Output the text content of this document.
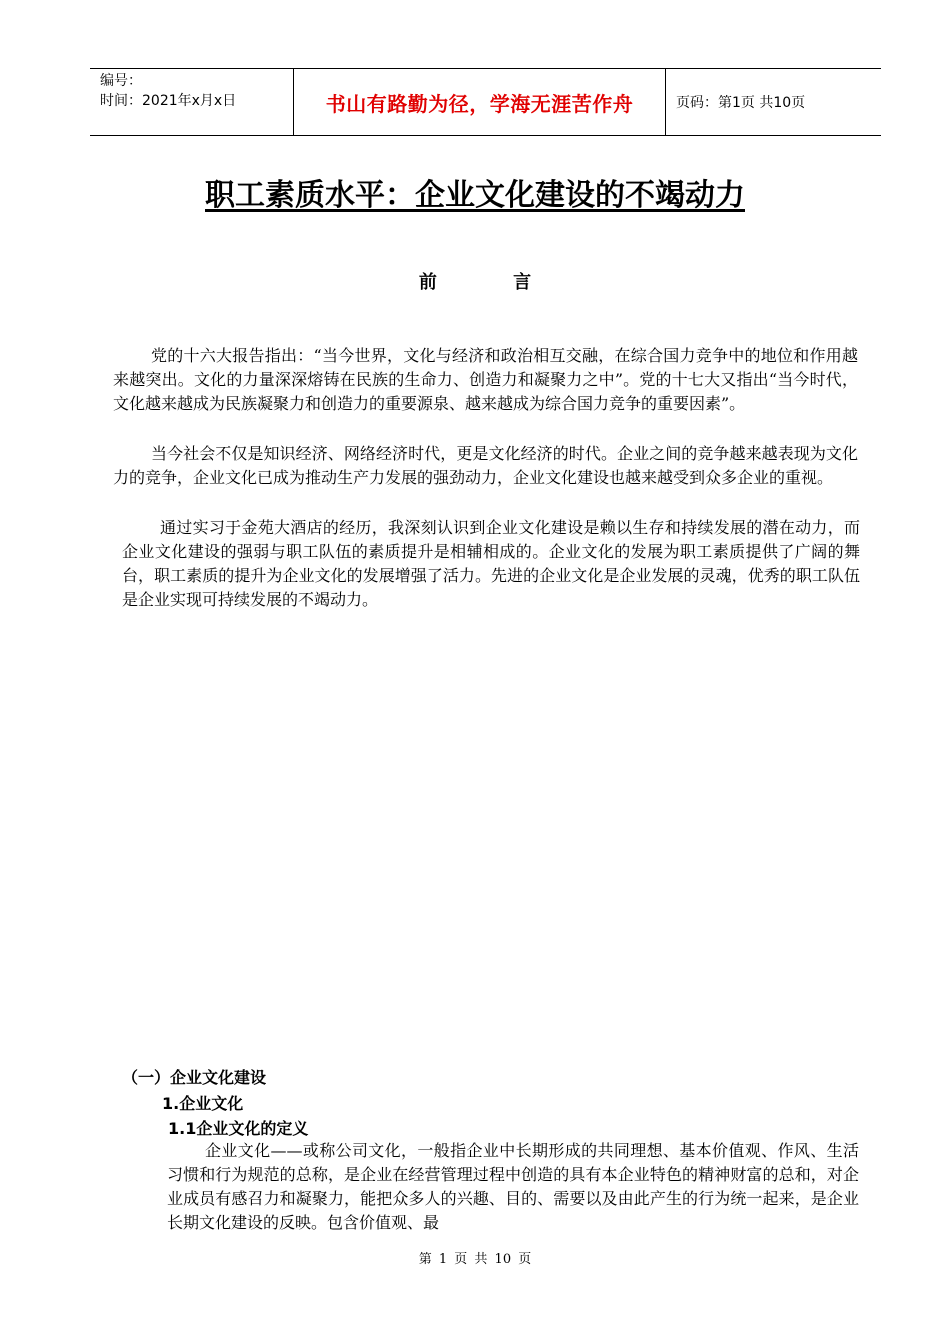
编号：
时间：2021年x月x日	书山有路勤为径，学海无涯苦作舟	页码：第1页 共10页
职工素质水平：企业文化建设的不竭动力
前 言

党的十六大报告指出：“当今世界，文化与经济和政治相互交融，在综合国力竞争中的地位和作用越来越突出。文化的力量深深熔铸在民族的生命力、创造力和凝聚力之中”。党的十七大又指出“当今时代，文化越来越成为民族凝聚力和创造力的重要源泉、越来越成为综合国力竞争的重要因素”。

当今社会不仅是知识经济、网络经济时代，更是文化经济的时代。企业之间的竞争越来越表现为文化力的竞争，企业文化已成为推动生产力发展的强劲动力，企业文化建设也越来越受到众多企业的重视。

通过实习于金苑大酒店的经历，我深刻认识到企业文化建设是赖以生存和持续发展的潜在动力，而企业文化建设的强弱与职工队伍的素质提升是相辅相成的。企业文化的发展为职工素质提供了广阔的舞台，职工素质的提升为企业文化的发展增强了活力。先进的企业文化是企业发展的灵魂，优秀的职工队伍是企业实现可持续发展的不竭动力。

（一）企业文化建设
1.企业文化
1.1企业文化的定义

企业文化——或称公司文化，一般指企业中长期形成的共同理想、基本价值观、作风、生活习惯和行为规范的总称，是企业在经营管理过程中创造的具有本企业特色的精神财富的总和，对企业成员有感召力和凝聚力，能把众多人的兴趣、目的、需要以及由此产生的行为统一起来，是企业长期文化建设的反映。包含价值观、最

第 1 页 共 10 页
